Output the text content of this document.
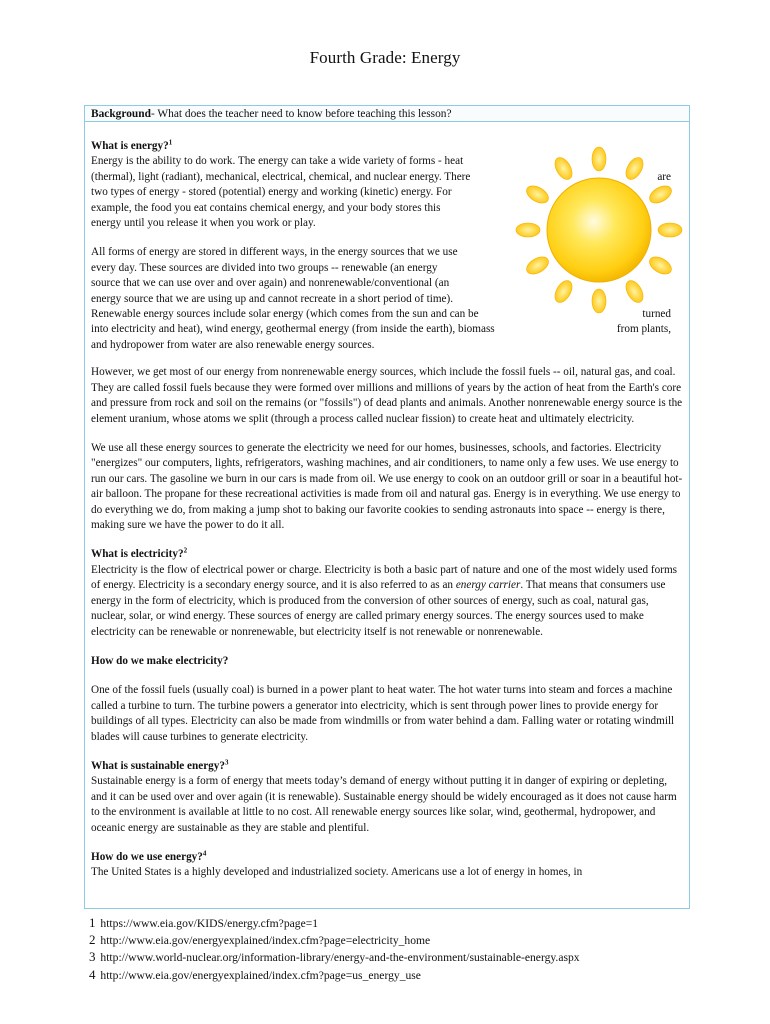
Fourth Grade: Energy
Background- What does the teacher need to know before teaching this lesson?
What is energy?$^1$
Energy is the ability to do work. The energy can take a wide variety of forms - heat
(thermal), light (radiant), mechanical, electrical, chemical, and nuclear energy. There
two types of energy - stored (potential) energy and working (kinetic) energy. For
example, the food you eat contains chemical energy, and your body stores this
energy until you release it when you work or play.
All forms of energy are stored in different ways, in the energy sources that we use
every day. These sources are divided into two groups -- renewable (an energy
source that we can use over and over again) and nonrenewable/conventional (an
energy source that we are using up and cannot recreate in a short period of time).
Renewable energy sources include solar energy (which comes from the sun and can be
into electricity and heat), wind energy, geothermal energy (from inside the earth), biomass
and hydropower from water are also renewable energy sources.
are
turned
from plants,

However, we get most of our energy from nonrenewable energy sources, which include the fossil fuels -- oil, natural gas, and coal. They are called fossil fuels because they were formed over millions and millions of years by the action of heat from the Earth's core and pressure from rock and soil on the remains (or "fossils") of dead plants and animals. Another nonrenewable energy source is the element uranium, whose atoms we split (through a process called nuclear fission) to create heat and ultimately electricity.

We use all these energy sources to generate the electricity we need for our homes, businesses, schools, and factories. Electricity "energizes" our computers, lights, refrigerators, washing machines, and air conditioners, to name only a few uses. We use energy to run our cars. The gasoline we burn in our cars is made from oil. We use energy to cook on an outdoor grill or soar in a beautiful hot-air balloon. The propane for these recreational activities is made from oil and natural gas. Energy is in everything. We use energy to do everything we do, from making a jump shot to baking our favorite cookies to sending astronauts into space -- energy is there, making sure we have the power to do it all.

What is electricity?$^2$

Electricity is the flow of electrical power or charge. Electricity is both a basic part of nature and one of the most widely used forms of energy. Electricity is a secondary energy source, and it is also referred to as an energy carrier. That means that consumers use energy in the form of electricity, which is produced from the conversion of other sources of energy, such as coal, natural gas, nuclear, solar, or wind energy. These sources of energy are called primary energy sources. The energy sources used to make electricity can be renewable or nonrenewable, but electricity itself is not renewable or nonrenewable.

How do we make electricity?

One of the fossil fuels (usually coal) is burned in a power plant to heat water. The hot water turns into steam and forces a machine called a turbine to turn. The turbine powers a generator into electricity, which is sent through power lines to provide energy for buildings of all types. Electricity can also be made from windmills or from water behind a dam. Falling water or rotating windmill blades will cause turbines to generate electricity.

What is sustainable energy?$^3$

Sustainable energy is a form of energy that meets today’s demand of energy without putting it in danger of expiring or depleting, and it can be used over and over again (it is renewable). Sustainable energy should be widely encouraged as it does not cause harm to the environment is available at little to no cost. All renewable energy sources like solar, wind, geothermal, hydropower, and oceanic energy are sustainable as they are stable and plentiful.

How do we use energy?$^4$

The United States is a highly developed and industrialized society. Americans use a lot of energy in homes, in

1 https://www.eia.gov/KIDS/energy.cfm?page=1
2 http://www.eia.gov/energyexplained/index.cfm?page=electricity_home
3 http://www.world-nuclear.org/information-library/energy-and-the-environment/sustainable-energy.aspx
4 http://www.eia.gov/energyexplained/index.cfm?page=us_energy_use
